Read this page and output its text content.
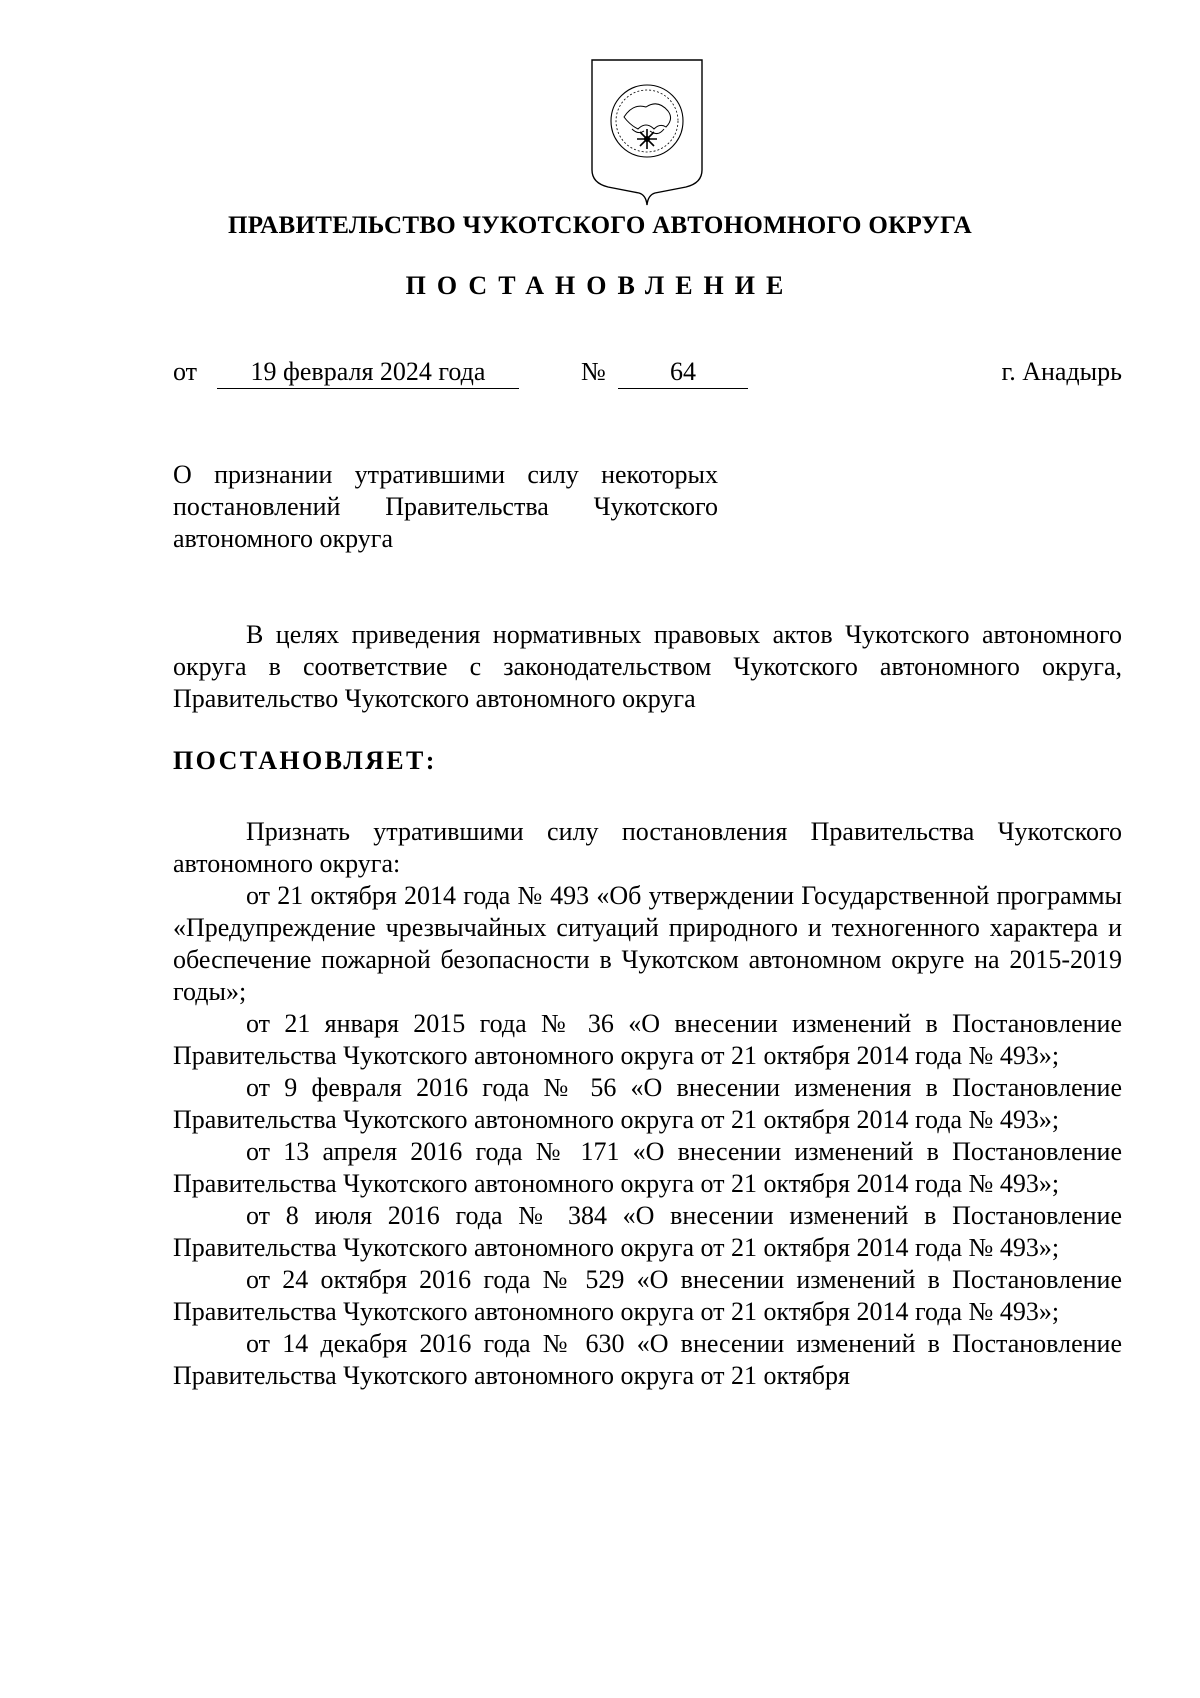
ПРАВИТЕЛЬСТВО ЧУКОТСКОГО АВТОНОМНОГО ОКРУГА
ПОСТАНОВЛЕНИЕ
от	19 февраля 2024 года	№	64	г. Анадырь
О признании утратившими силу некоторых постановлений Правительства Чукотского автономного округа
В целях приведения нормативных правовых актов Чукотского автономного округа в соответствие с законодательством Чукотского автономного округа, Правительство Чукотского автономного округа
ПОСТАНОВЛЯЕТ:

Признать утратившими силу постановления Правительства Чукотского автономного округа:

от 21 октября 2014 года № 493 «Об утверждении Государственной программы «Предупреждение чрезвычайных ситуаций природного и техногенного характера и обеспечение пожарной безопасности в Чукотском автономном округе на 2015-2019 годы»;

от 21 января 2015 года № 36 «О внесении изменений в Постановление Правительства Чукотского автономного округа от 21 октября 2014 года № 493»;

от 9 февраля 2016 года № 56 «О внесении изменения в Постановление Правительства Чукотского автономного округа от 21 октября 2014 года № 493»;

от 13 апреля 2016 года № 171 «О внесении изменений в Постановление Правительства Чукотского автономного округа от 21 октября 2014 года № 493»;

от 8 июля 2016 года № 384 «О внесении изменений в Постановление Правительства Чукотского автономного округа от 21 октября 2014 года № 493»;

от 24 октября 2016 года № 529 «О внесении изменений в Постановление Правительства Чукотского автономного округа от 21 октября 2014 года № 493»;

от 14 декабря 2016 года № 630 «О внесении изменений в Постановление Правительства Чукотского автономного округа от 21 октября
